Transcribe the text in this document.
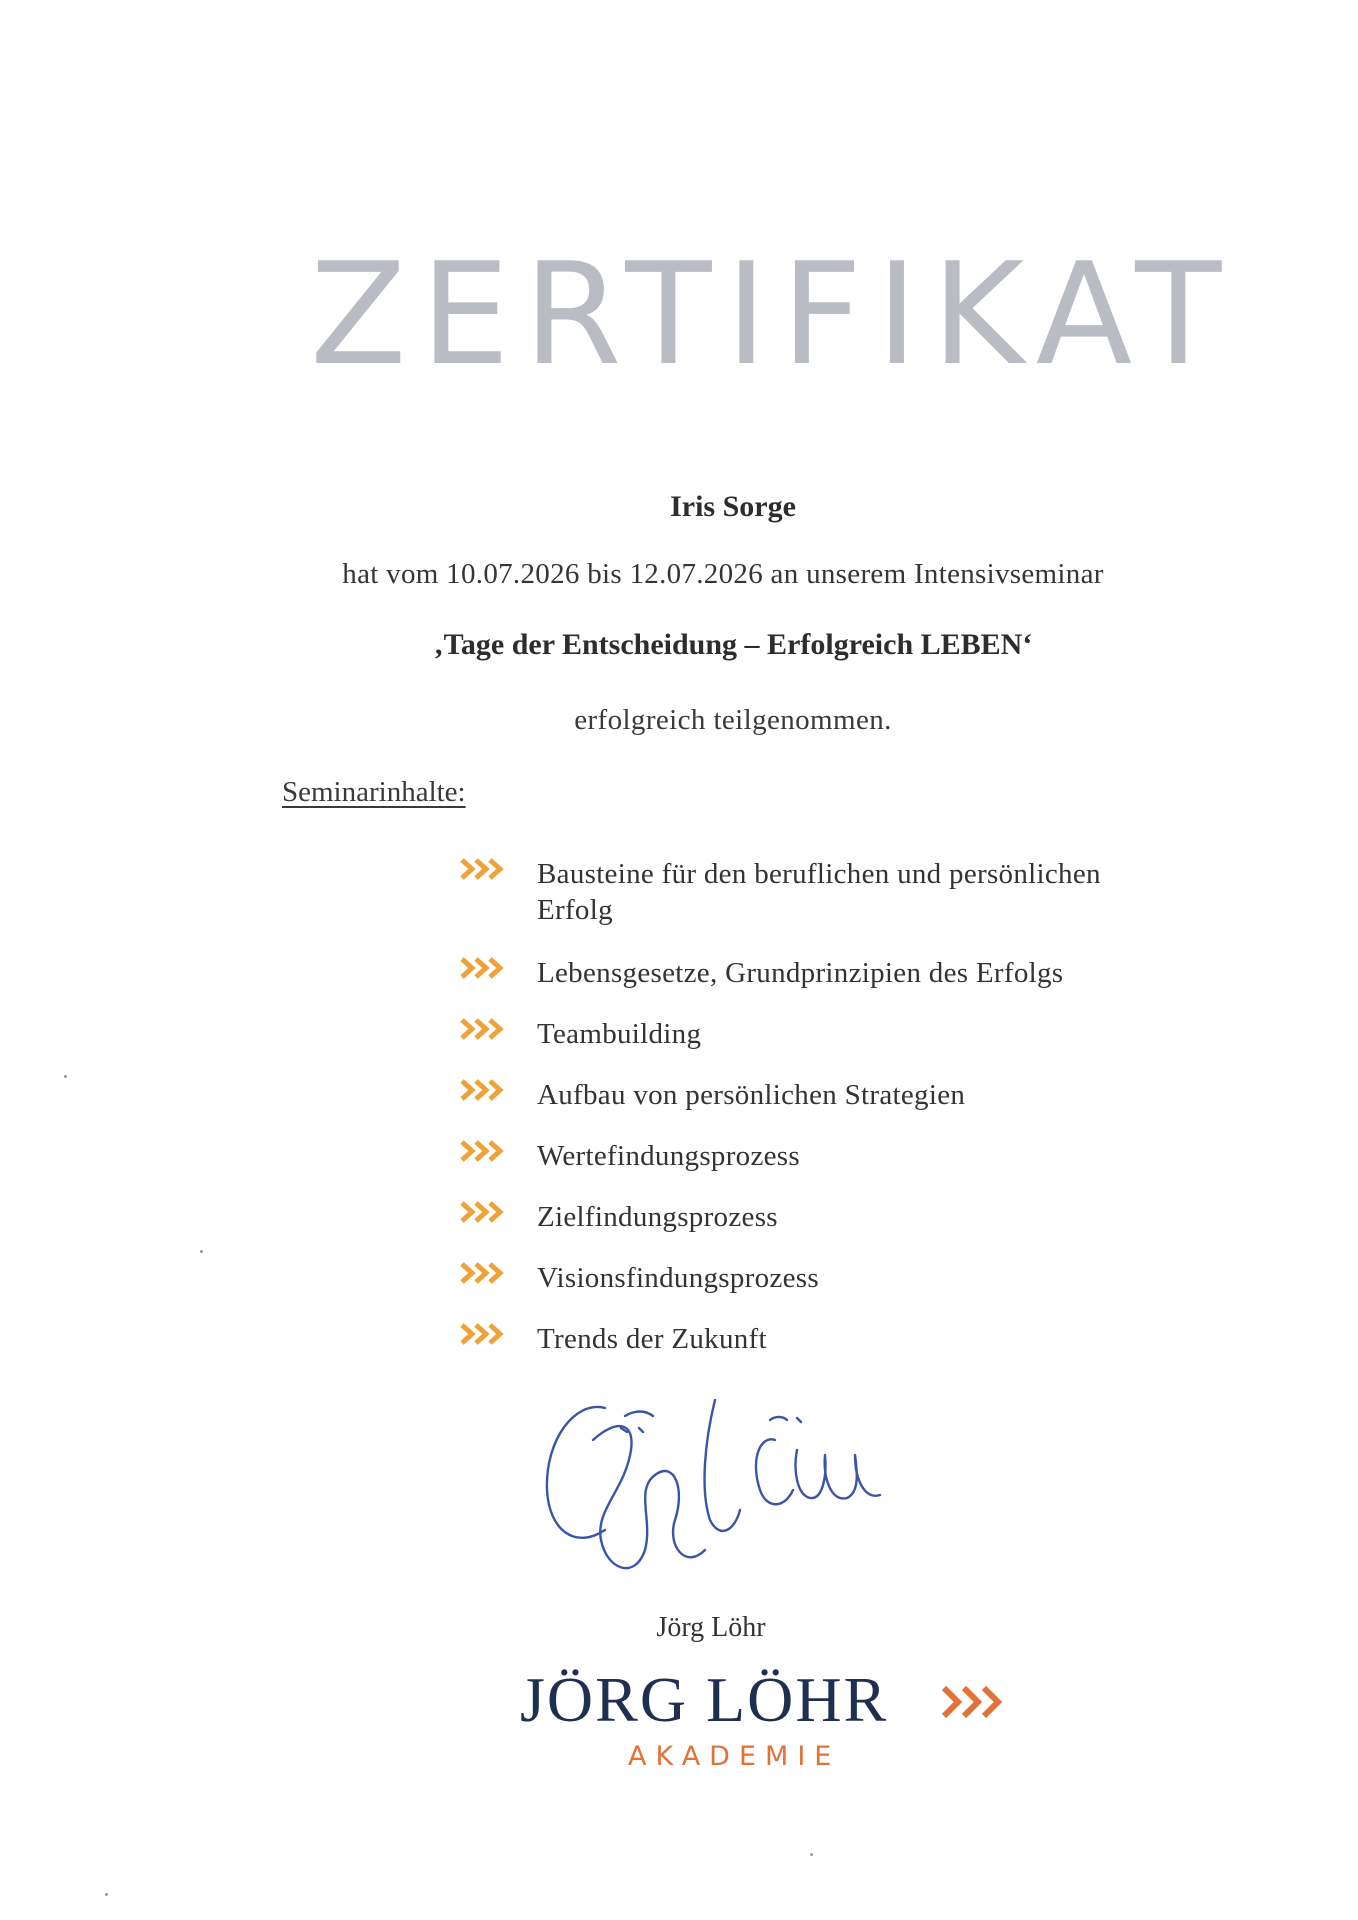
ZERTIFIKAT
Iris Sorge
hat vom 10.07.2026 bis 12.07.2026 an unserem Intensivseminar
‚Tage der Entscheidung – Erfolgreich LEBEN‘
erfolgreich teilgenommen.
Seminarinhalte:
Bausteine für den beruflichen und persönlichen
Erfolg
Lebensgesetze, Grundprinzipien des Erfolgs
Teambuilding
Aufbau von persönlichen Strategien
Wertefindungsprozess
Zielfindungsprozess
Visionsfindungsprozess
Trends der Zukunft
Jörg Löhr
JÖRG LÖHR
AKADEMIE
